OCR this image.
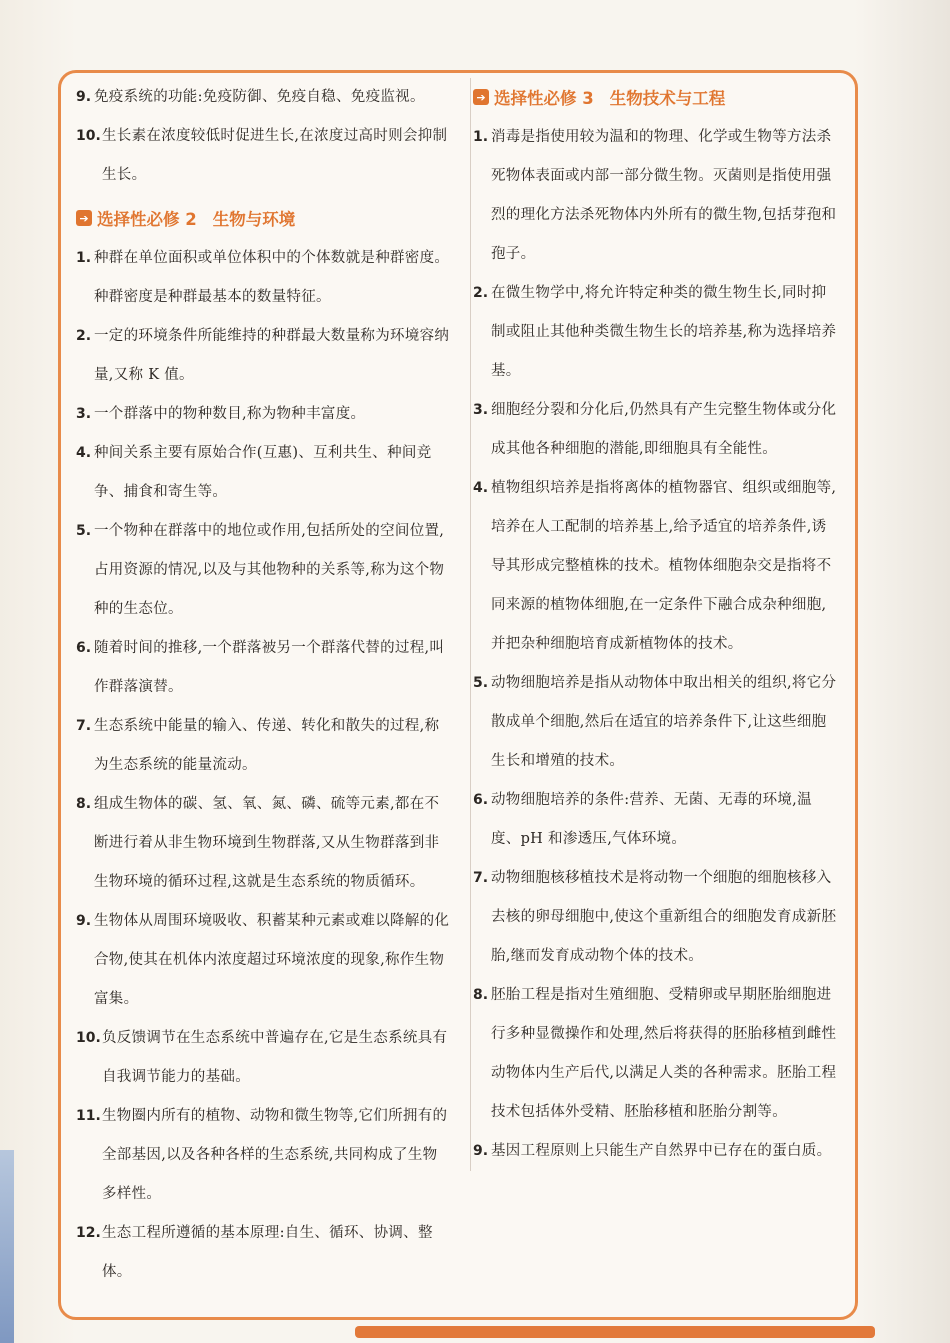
9. 免疫系统的功能:免疫防御、免疫自稳、免疫监视。
10. 生长素在浓度较低时促进生长,在浓度过高时则会抑制生长。
➔ 选择性必修 2 生物与环境
1. 种群在单位面积或单位体积中的个体数就是种群密度。种群密度是种群最基本的数量特征。
2. 一定的环境条件所能维持的种群最大数量称为环境容纳量,又称 K 值。
3. 一个群落中的物种数目,称为物种丰富度。
4. 种间关系主要有原始合作(互惠)、互利共生、种间竞争、捕食和寄生等。
5. 一个物种在群落中的地位或作用,包括所处的空间位置,占用资源的情况,以及与其他物种的关系等,称为这个物种的生态位。
6. 随着时间的推移,一个群落被另一个群落代替的过程,叫作群落演替。
7. 生态系统中能量的输入、传递、转化和散失的过程,称为生态系统的能量流动。
8. 组成生物体的碳、氢、氧、氮、磷、硫等元素,都在不断进行着从非生物环境到生物群落,又从生物群落到非生物环境的循环过程,这就是生态系统的物质循环。
9. 生物体从周围环境吸收、积蓄某种元素或难以降解的化合物,使其在机体内浓度超过环境浓度的现象,称作生物富集。
10. 负反馈调节在生态系统中普遍存在,它是生态系统具有自我调节能力的基础。
11. 生物圈内所有的植物、动物和微生物等,它们所拥有的全部基因,以及各种各样的生态系统,共同构成了生物多样性。
12. 生态工程所遵循的基本原理:自生、循环、协调、整体。
➔ 选择性必修 3 生物技术与工程
1. 消毒是指使用较为温和的物理、化学或生物等方法杀死物体表面或内部一部分微生物。灭菌则是指使用强烈的理化方法杀死物体内外所有的微生物,包括芽孢和孢子。
2. 在微生物学中,将允许特定种类的微生物生长,同时抑制或阻止其他种类微生物生长的培养基,称为选择培养基。
3. 细胞经分裂和分化后,仍然具有产生完整生物体或分化成其他各种细胞的潜能,即细胞具有全能性。
4. 植物组织培养是指将离体的植物器官、组织或细胞等,培养在人工配制的培养基上,给予适宜的培养条件,诱导其形成完整植株的技术。植物体细胞杂交是指将不同来源的植物体细胞,在一定条件下融合成杂种细胞,并把杂种细胞培育成新植物体的技术。
5. 动物细胞培养是指从动物体中取出相关的组织,将它分散成单个细胞,然后在适宜的培养条件下,让这些细胞生长和增殖的技术。
6. 动物细胞培养的条件:营养、无菌、无毒的环境,温度、pH 和渗透压,气体环境。
7. 动物细胞核移植技术是将动物一个细胞的细胞核移入去核的卵母细胞中,使这个重新组合的细胞发育成新胚胎,继而发育成动物个体的技术。
8. 胚胎工程是指对生殖细胞、受精卵或早期胚胎细胞进行多种显微操作和处理,然后将获得的胚胎移植到雌性动物体内生产后代,以满足人类的各种需求。胚胎工程技术包括体外受精、胚胎移植和胚胎分割等。
9. 基因工程原则上只能生产自然界中已存在的蛋白质。
